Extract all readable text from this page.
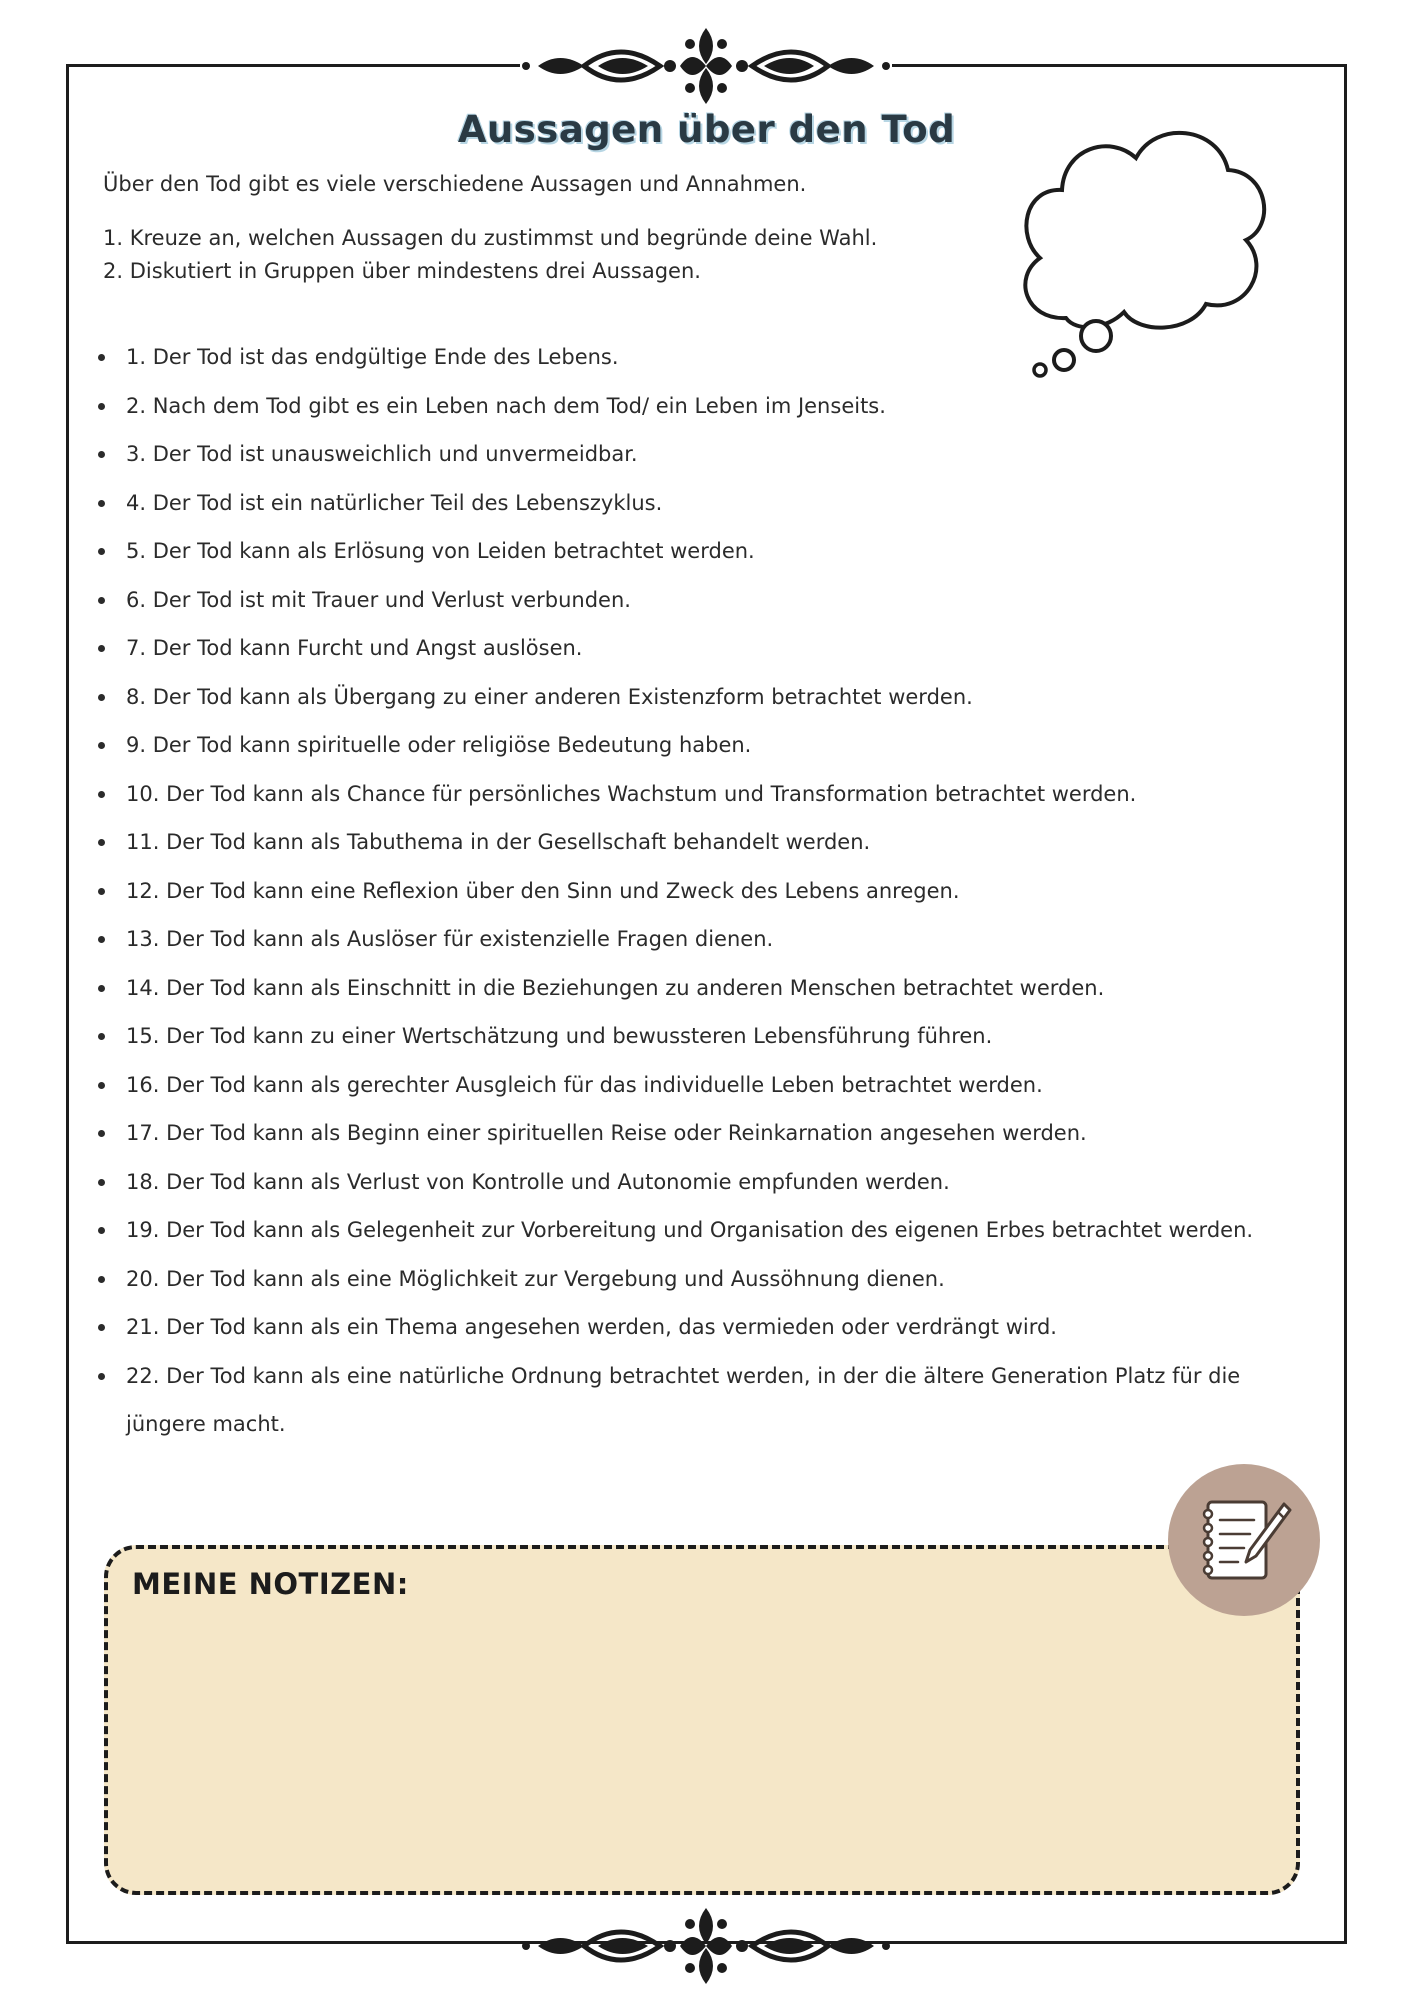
Aussagen über den Tod
Über den Tod gibt es viele verschiedene Aussagen und Annahmen.
1. Kreuze an, welchen Aussagen du zustimmst und begründe deine Wahl.
2. Diskutiert in Gruppen über mindestens drei Aussagen.
1. Der Tod ist das endgültige Ende des Lebens.
2. Nach dem Tod gibt es ein Leben nach dem Tod/ ein Leben im Jenseits.
3. Der Tod ist unausweichlich und unvermeidbar.
4. Der Tod ist ein natürlicher Teil des Lebenszyklus.
5. Der Tod kann als Erlösung von Leiden betrachtet werden.
6. Der Tod ist mit Trauer und Verlust verbunden.
7. Der Tod kann Furcht und Angst auslösen.
8. Der Tod kann als Übergang zu einer anderen Existenzform betrachtet werden.
9. Der Tod kann spirituelle oder religiöse Bedeutung haben.
10. Der Tod kann als Chance für persönliches Wachstum und Transformation betrachtet werden.
11. Der Tod kann als Tabuthema in der Gesellschaft behandelt werden.
12. Der Tod kann eine Reflexion über den Sinn und Zweck des Lebens anregen.
13. Der Tod kann als Auslöser für existenzielle Fragen dienen.
14. Der Tod kann als Einschnitt in die Beziehungen zu anderen Menschen betrachtet werden.
15. Der Tod kann zu einer Wertschätzung und bewussteren Lebensführung führen.
16. Der Tod kann als gerechter Ausgleich für das individuelle Leben betrachtet werden.
17. Der Tod kann als Beginn einer spirituellen Reise oder Reinkarnation angesehen werden.
18. Der Tod kann als Verlust von Kontrolle und Autonomie empfunden werden.
19. Der Tod kann als Gelegenheit zur Vorbereitung und Organisation des eigenen Erbes betrachtet werden.
20. Der Tod kann als eine Möglichkeit zur Vergebung und Aussöhnung dienen.
21. Der Tod kann als ein Thema angesehen werden, das vermieden oder verdrängt wird.
22. Der Tod kann als eine natürliche Ordnung betrachtet werden, in der die ältere Generation Platz für die jüngere macht.
MEINE NOTIZEN:
